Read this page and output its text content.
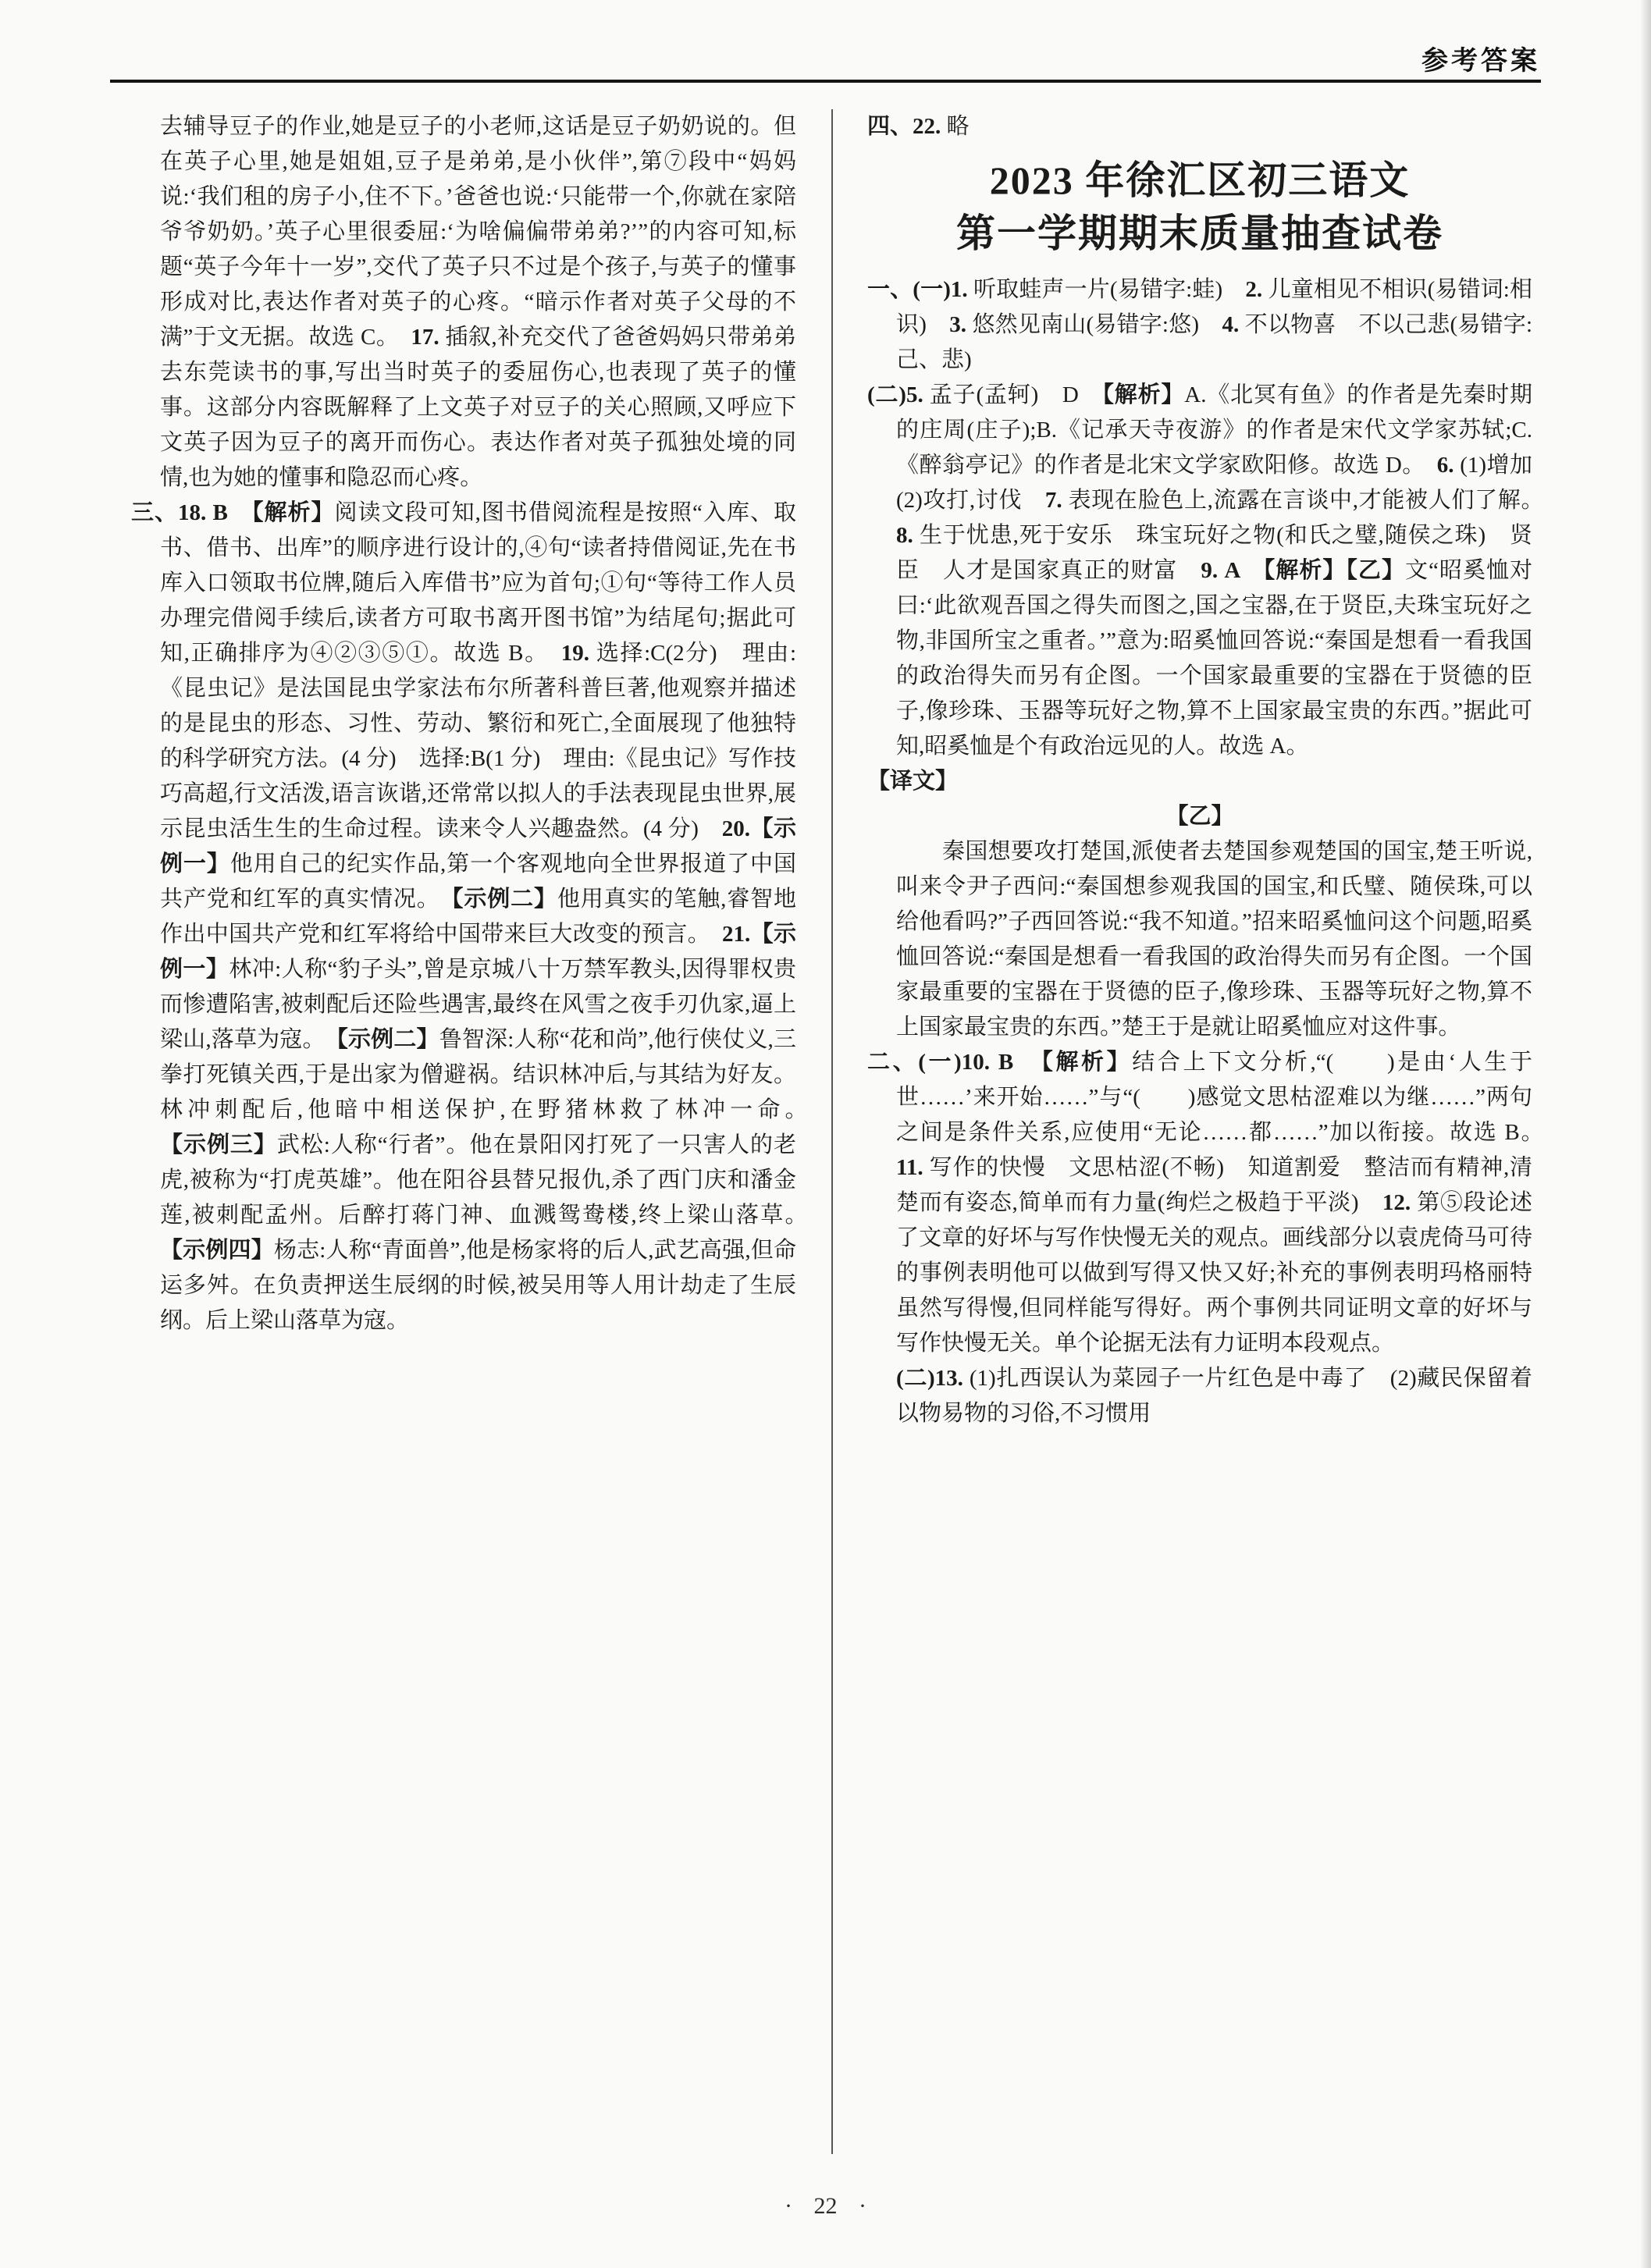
参考答案

去辅导豆子的作业,她是豆子的小老师,这话是豆子奶奶说的。但在英子心里,她是姐姐,豆子是弟弟,是小伙伴”,第⑦段中“妈妈说:‘我们租的房子小,住不下。’爸爸也说:‘只能带一个,你就在家陪爷爷奶奶。’英子心里很委屈:‘为啥偏偏带弟弟?’”的内容可知,标题“英子今年十一岁”,交代了英子只不过是个孩子,与英子的懂事形成对比,表达作者对英子的心疼。“暗示作者对英子父母的不满”于文无据。故选 C。　17. 插叙,补充交代了爸爸妈妈只带弟弟去东莞读书的事,写出当时英子的委屈伤心,也表现了英子的懂事。这部分内容既解释了上文英子对豆子的关心照顾,又呼应下文英子因为豆子的离开而伤心。表达作者对英子孤独处境的同情,也为她的懂事和隐忍而心疼。

三、18. B　【解析】阅读文段可知,图书借阅流程是按照“入库、取书、借书、出库”的顺序进行设计的,④句“读者持借阅证,先在书库入口领取书位牌,随后入库借书”应为首句;①句“等待工作人员办理完借阅手续后,读者方可取书离开图书馆”为结尾句;据此可知,正确排序为④②③⑤①。故选 B。　19. 选择:C(2分)　理由:《昆虫记》是法国昆虫学家法布尔所著科普巨著,他观察并描述的是昆虫的形态、习性、劳动、繁衍和死亡,全面展现了他独特的科学研究方法。(4 分)　选择:B(1 分)　理由:《昆虫记》写作技巧高超,行文活泼,语言诙谐,还常常以拟人的手法表现昆虫世界,展示昆虫活生生的生命过程。读来令人兴趣盎然。(4 分)　20.【示例一】他用自己的纪实作品,第一个客观地向全世界报道了中国共产党和红军的真实情况。　【示例二】他用真实的笔触,睿智地作出中国共产党和红军将给中国带来巨大改变的预言。　21.【示例一】林冲:人称“豹子头”,曾是京城八十万禁军教头,因得罪权贵而惨遭陷害,被刺配后还险些遇害,最终在风雪之夜手刃仇家,逼上梁山,落草为寇。　【示例二】鲁智深:人称“花和尚”,他行侠仗义,三拳打死镇关西,于是出家为僧避祸。结识林冲后,与其结为好友。林冲刺配后,他暗中相送保护,在野猪林救了林冲一命。　【示例三】武松:人称“行者”。他在景阳冈打死了一只害人的老虎,被称为“打虎英雄”。他在阳谷县替兄报仇,杀了西门庆和潘金莲,被刺配孟州。后醉打蒋门神、血溅鸳鸯楼,终上梁山落草。　【示例四】杨志:人称“青面兽”,他是杨家将的后人,武艺高强,但命运多舛。在负责押送生辰纲的时候,被吴用等人用计劫走了生辰纲。后上梁山落草为寇。

四、22. 略

2023 年徐汇区初三语文
第一学期期末质量抽查试卷

一、(一)1. 听取蛙声一片(易错字:蛙)　2. 儿童相见不相识(易错词:相识)　3. 悠然见南山(易错字:悠)　4. 不以物喜　不以己悲(易错字:己、悲)

(二)5. 孟子(孟轲)　D　【解析】A.《北冥有鱼》的作者是先秦时期的庄周(庄子);B.《记承天寺夜游》的作者是宋代文学家苏轼;C.《醉翁亭记》的作者是北宋文学家欧阳修。故选 D。　6. (1)增加　(2)攻打,讨伐　7. 表现在脸色上,流露在言谈中,才能被人们了解。　8. 生于忧患,死于安乐　珠宝玩好之物(和氏之璧,随侯之珠)　贤臣　人才是国家真正的财富　9. A　【解析】【乙】文“昭奚恤对曰:‘此欲观吾国之得失而图之,国之宝器,在于贤臣,夫珠宝玩好之物,非国所宝之重者。’”意为:昭奚恤回答说:“秦国是想看一看我国的政治得失而另有企图。一个国家最重要的宝器在于贤德的臣子,像珍珠、玉器等玩好之物,算不上国家最宝贵的东西。”据此可知,昭奚恤是个有政治远见的人。故选 A。

【译文】

【乙】

秦国想要攻打楚国,派使者去楚国参观楚国的国宝,楚王听说,叫来令尹子西问:“秦国想参观我国的国宝,和氏璧、随侯珠,可以给他看吗?”子西回答说:“我不知道。”招来昭奚恤问这个问题,昭奚恤回答说:“秦国是想看一看我国的政治得失而另有企图。一个国家最重要的宝器在于贤德的臣子,像珍珠、玉器等玩好之物,算不上国家最宝贵的东西。”楚王于是就让昭奚恤应对这件事。

二、(一)10. B　【解析】结合上下文分析,“(　　)是由‘人生于世……’来开始……”与“(　　)感觉文思枯涩难以为继……”两句之间是条件关系,应使用“无论……都……”加以衔接。故选 B。　11. 写作的快慢　文思枯涩(不畅)　知道割爱　整洁而有精神,清楚而有姿态,简单而有力量(绚烂之极趋于平淡)　12. 第⑤段论述了文章的好坏与写作快慢无关的观点。画线部分以袁虎倚马可待的事例表明他可以做到写得又快又好;补充的事例表明玛格丽特虽然写得慢,但同样能写得好。两个事例共同证明文章的好坏与写作快慢无关。单个论据无法有力证明本段观点。

(二)13. (1)扎西误认为菜园子一片红色是中毒了　(2)藏民保留着以物易物的习俗,不习惯用

· 22 ·
